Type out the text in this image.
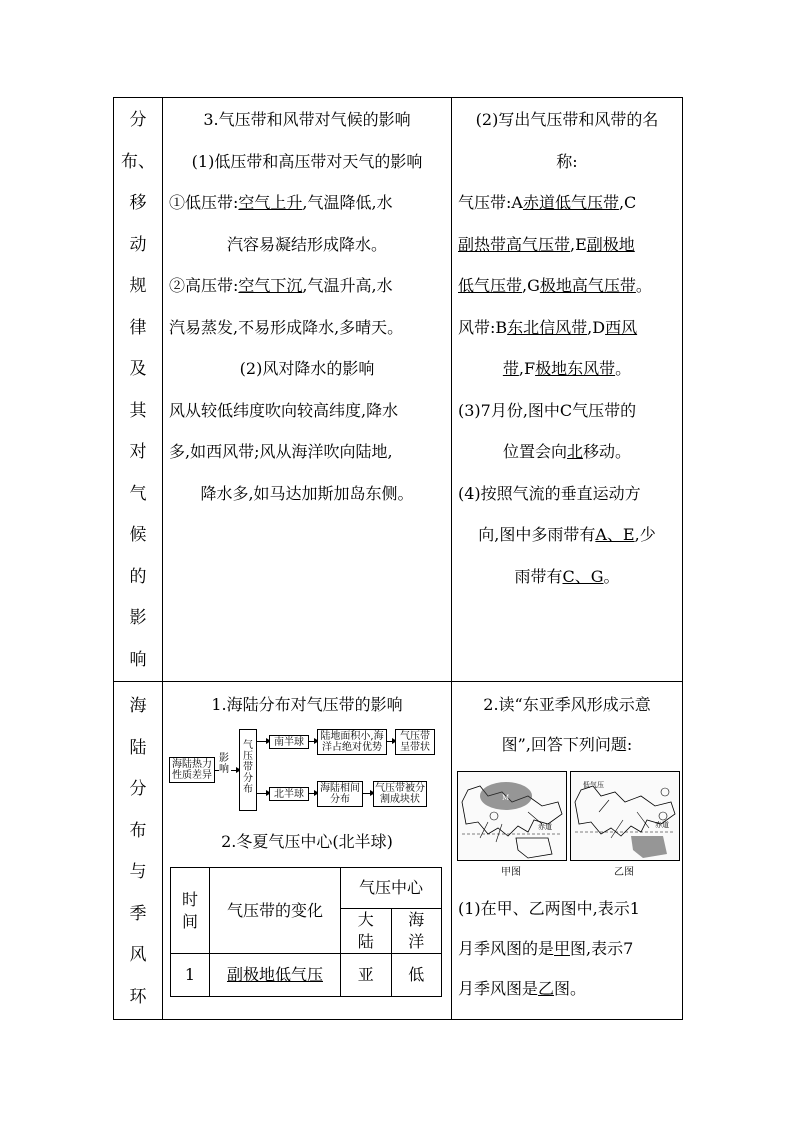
分
布、
移
动
规
律
及
其
对
气
候
的
影
响

3.气压带和风带对气候的影响
(1)低压带和高压带对天气的影响
①低压带:空气上升,气温降低,水
汽容易凝结形成降水。
②高压带:空气下沉,气温升高,水
汽易蒸发,不易形成降水,多晴天。
(2)风对降水的影响
风从较低纬度吹向较高纬度,降水
多,如西风带;风从海洋吹向陆地,
降水多,如马达加斯加岛东侧。

(2)写出气压带和风带的名
称:
气压带:A赤道低气压带,C
副热带高气压带,E副极地
低气压带,G极地高气压带。
风带:B东北信风带,D西风
带,F极地东风带。
(3)7月份,图中C气压带的
位置会向北移动。
(4)按照气流的垂直运动方
向,图中多雨带有A、E,少
雨带有C、G。

海
陆
分
布
与
季
风
环

1.海陆分布对气压带的影响
海陆热力性质差异
影响
气压带分布
南半球
北半球
陆地面积小,海洋占绝对优势
海陆相间分布
气压带呈带状
气压带被分割成块状
2.冬夏气压中心(北半球)
时间	气压带的变化	气压中心
大陆	海洋
1	副极地低气压	亚	低

2.读“东亚季风形成示意
图”,回答下列问题:
M
赤道
甲图
低气压
赤道
乙图
(1)在甲、乙两图中,表示1
月季风图的是甲图,表示7
月季风图是乙图。
